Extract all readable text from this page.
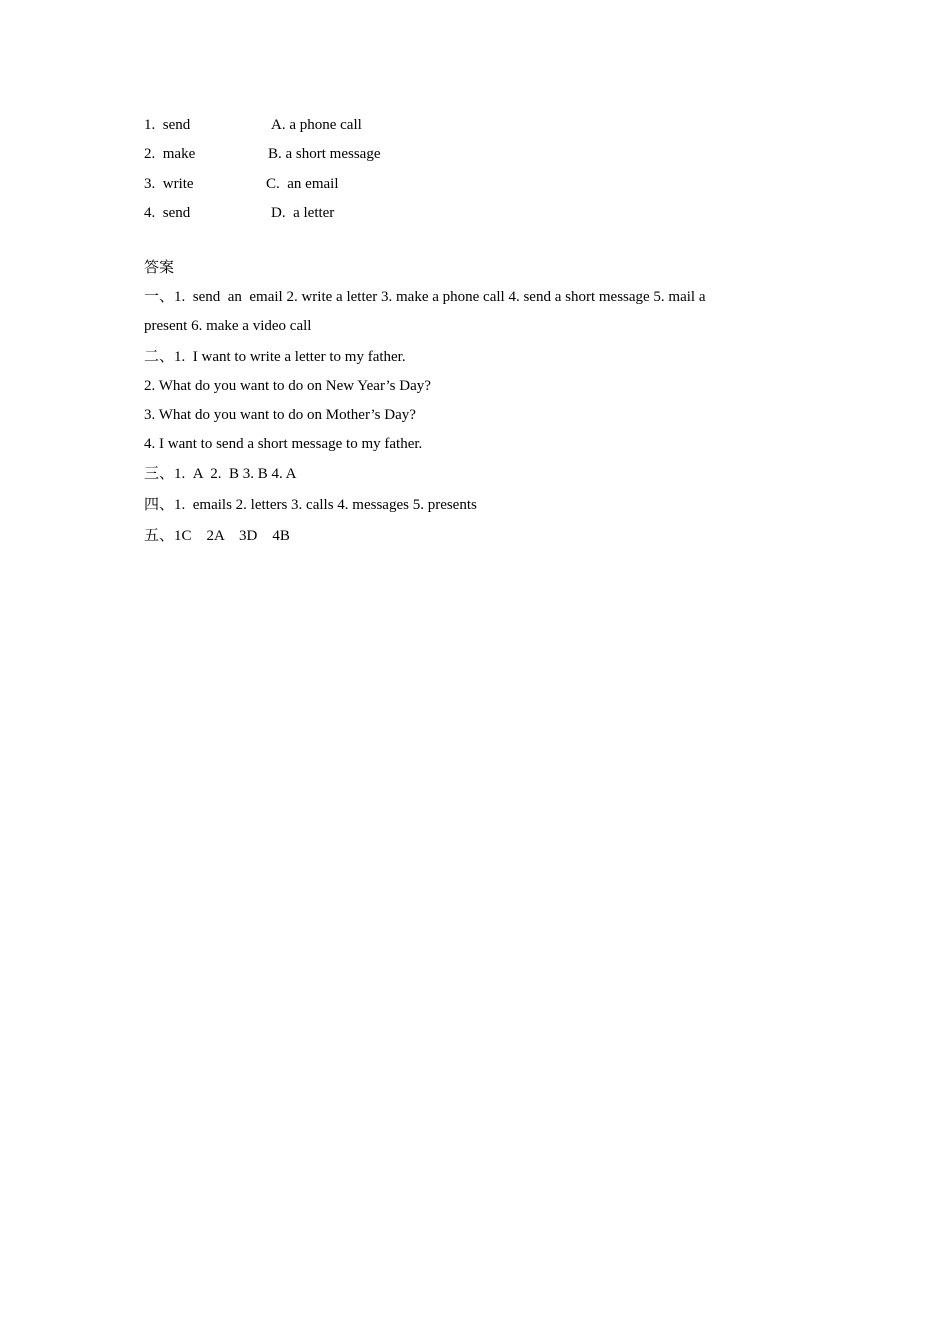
1.  send	A. a phone call
2.  make	B. a short message
3.  write	C.  an email
4.  send	D.  a letter
答案
一、1.  send  an  email 2. write a letter 3. make a phone call 4. send a short message 5. mail a
present 6. make a video call
二、1.  I want to write a letter to my father.
2. What do you want to do on New Year’s Day?
3. What do you want to do on Mother’s Day?
4. I want to send a short message to my father.
三、1.  A  2.  B 3. B 4. A
四、1.  emails 2. letters 3. calls 4. messages 5. presents
五、1C    2A    3D    4B
